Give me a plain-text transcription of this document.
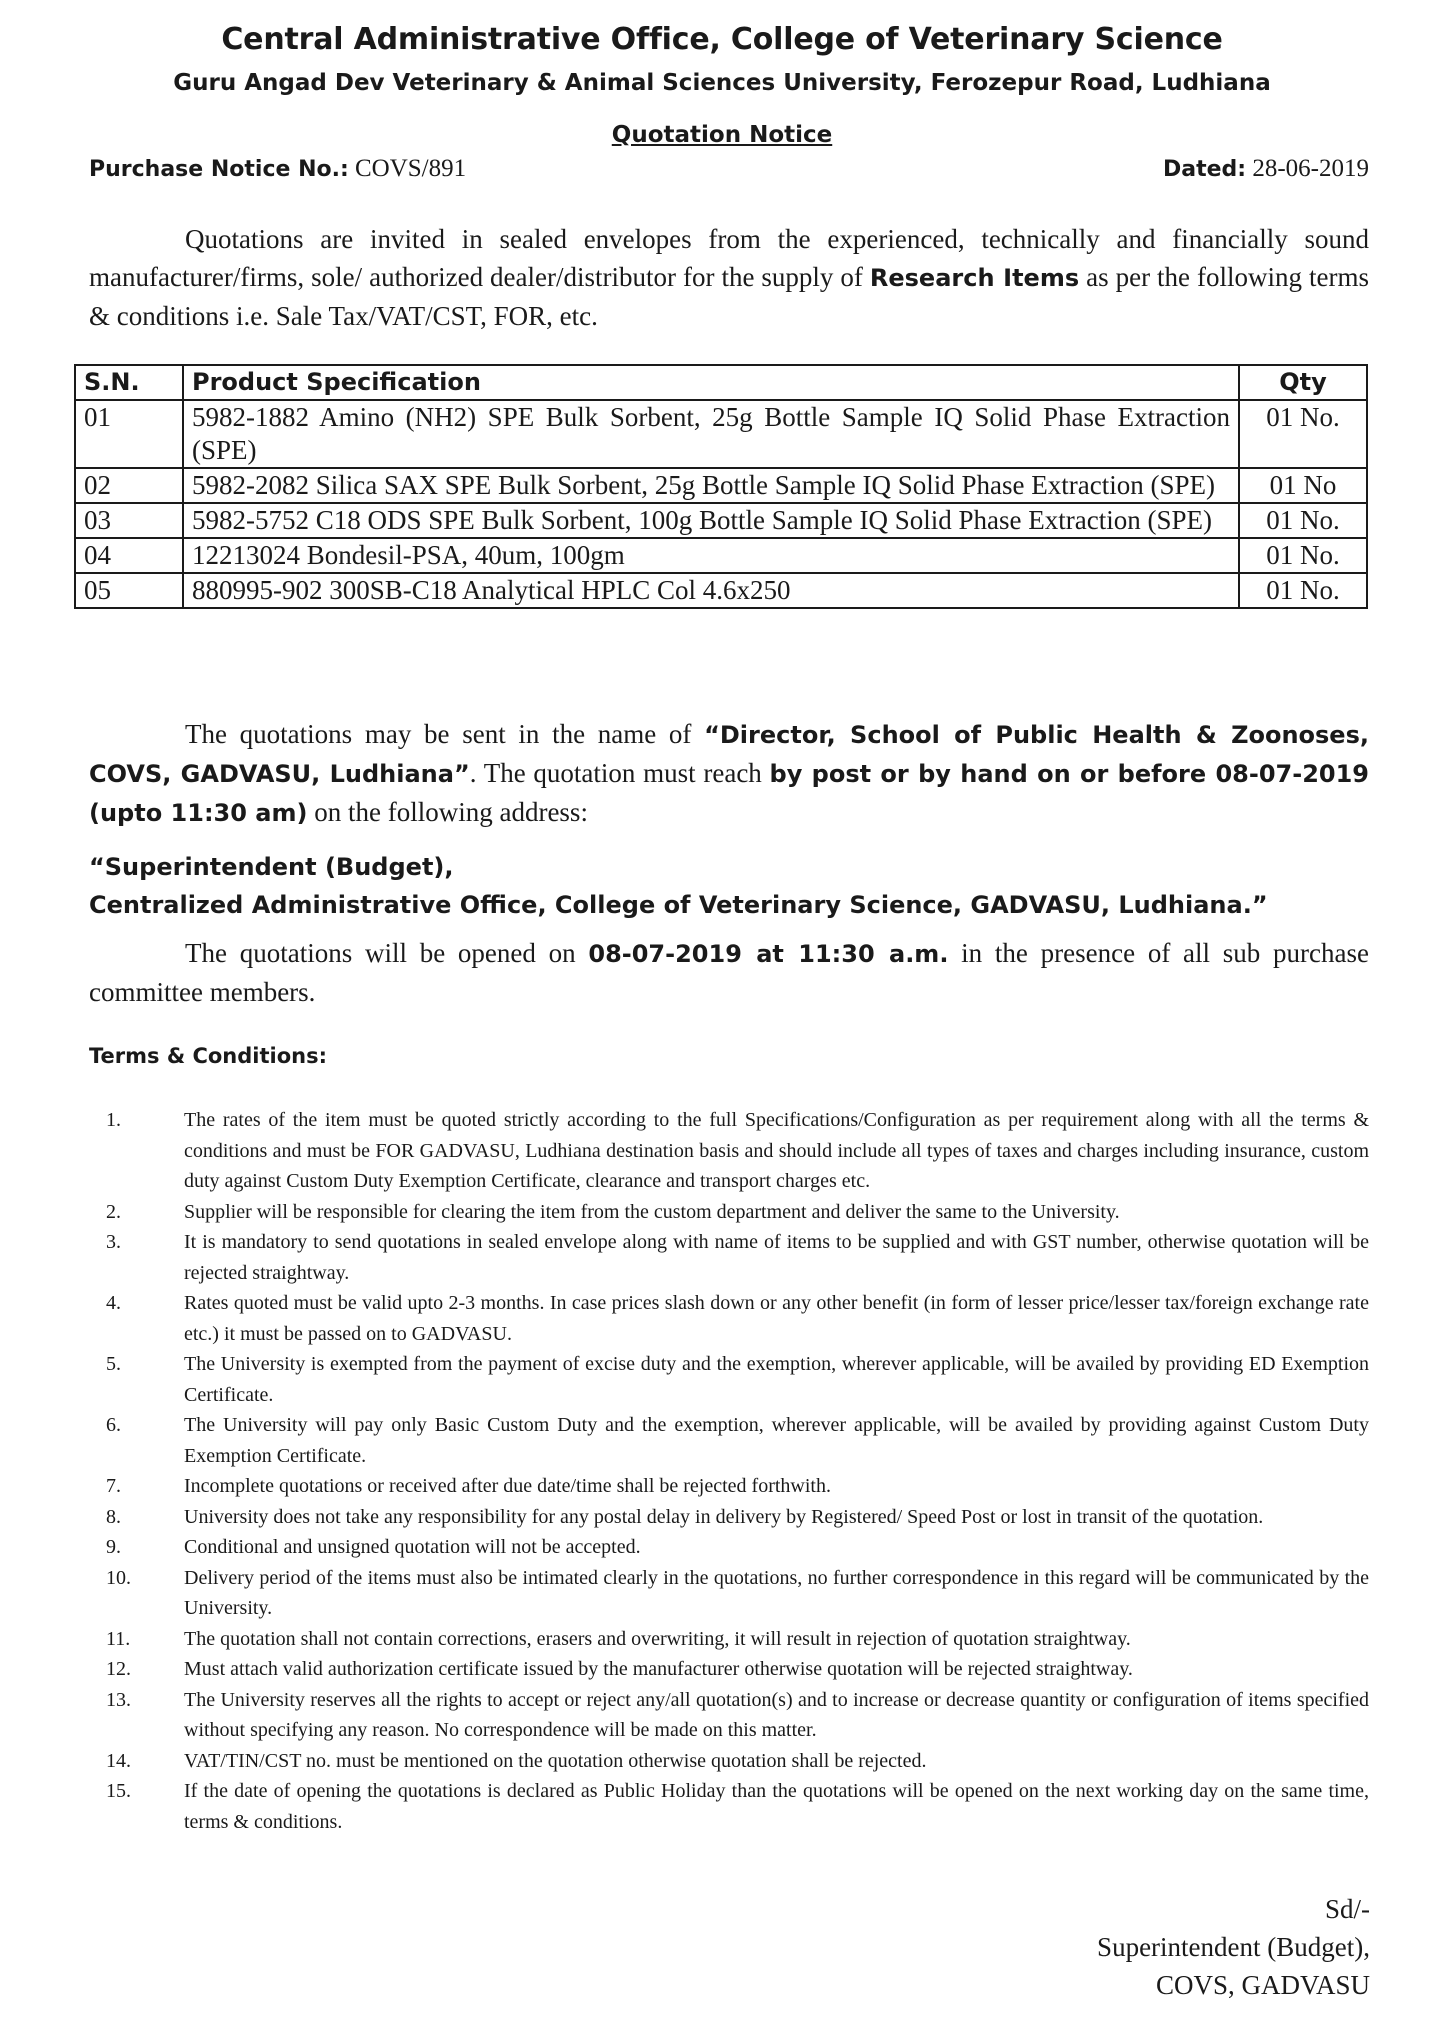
Central Administrative Office, College of Veterinary Science
Guru Angad Dev Veterinary & Animal Sciences University, Ferozepur Road, Ludhiana
Quotation Notice
Purchase Notice No.: COVS/891	Dated: 28-06-2019
Quotations are invited in sealed envelopes from the experienced, technically and financially sound manufacturer/firms, sole/ authorized dealer/distributor for the supply of Research Items as per the following terms & conditions i.e. Sale Tax/VAT/CST, FOR, etc.
S.N.	Product Specification	Qty
01	5982-1882 Amino (NH2) SPE Bulk Sorbent, 25g Bottle Sample IQ Solid Phase Extraction (SPE)	01 No.
02	5982-2082 Silica SAX SPE Bulk Sorbent, 25g Bottle Sample IQ Solid Phase Extraction (SPE)	01 No
03	5982-5752 C18 ODS SPE Bulk Sorbent, 100g Bottle Sample IQ Solid Phase Extraction (SPE)	01 No.
04	12213024 Bondesil-PSA, 40um, 100gm	01 No.
05	880995-902 300SB-C18 Analytical HPLC Col 4.6x250	01 No.
The quotations may be sent in the name of “Director, School of Public Health & Zoonoses, COVS, GADVASU, Ludhiana”. The quotation must reach by post or by hand on or before 08-07-2019 (upto 11:30 am) on the following address:
“Superintendent (Budget),
Centralized Administrative Office, College of Veterinary Science, GADVASU, Ludhiana.”
The quotations will be opened on 08-07-2019 at 11:30 a.m. in the presence of all sub purchase committee members.
Terms & Conditions:
1.	The rates of the item must be quoted strictly according to the full Specifications/Configuration as per requirement along with all the terms & conditions and must be FOR GADVASU, Ludhiana destination basis and should include all types of taxes and charges including insurance, custom duty against Custom Duty Exemption Certificate, clearance and transport charges etc.
2.	Supplier will be responsible for clearing the item from the custom department and deliver the same to the University.
3.	It is mandatory to send quotations in sealed envelope along with name of items to be supplied and with GST number, otherwise quotation will be rejected straightway.
4.	Rates quoted must be valid upto 2-3 months. In case prices slash down or any other benefit (in form of lesser price/lesser tax/foreign exchange rate etc.) it must be passed on to GADVASU.
5.	The University is exempted from the payment of excise duty and the exemption, wherever applicable, will be availed by providing ED Exemption Certificate.
6.	The University will pay only Basic Custom Duty and the exemption, wherever applicable, will be availed by providing against Custom Duty Exemption Certificate.
7.	Incomplete quotations or received after due date/time shall be rejected forthwith.
8.	University does not take any responsibility for any postal delay in delivery by Registered/ Speed Post or lost in transit of the quotation.
9.	Conditional and unsigned quotation will not be accepted.
10.	Delivery period of the items must also be intimated clearly in the quotations, no further correspondence in this regard will be communicated by the University.
11.	The quotation shall not contain corrections, erasers and overwriting, it will result in rejection of quotation straightway.
12.	Must attach valid authorization certificate issued by the manufacturer otherwise quotation will be rejected straightway.
13.	The University reserves all the rights to accept or reject any/all quotation(s) and to increase or decrease quantity or configuration of items specified without specifying any reason. No correspondence will be made on this matter.
14.	VAT/TIN/CST no. must be mentioned on the quotation otherwise quotation shall be rejected.
15.	If the date of opening the quotations is declared as Public Holiday than the quotations will be opened on the next working day on the same time, terms & conditions.
Sd/-
Superintendent (Budget),
COVS, GADVASU
